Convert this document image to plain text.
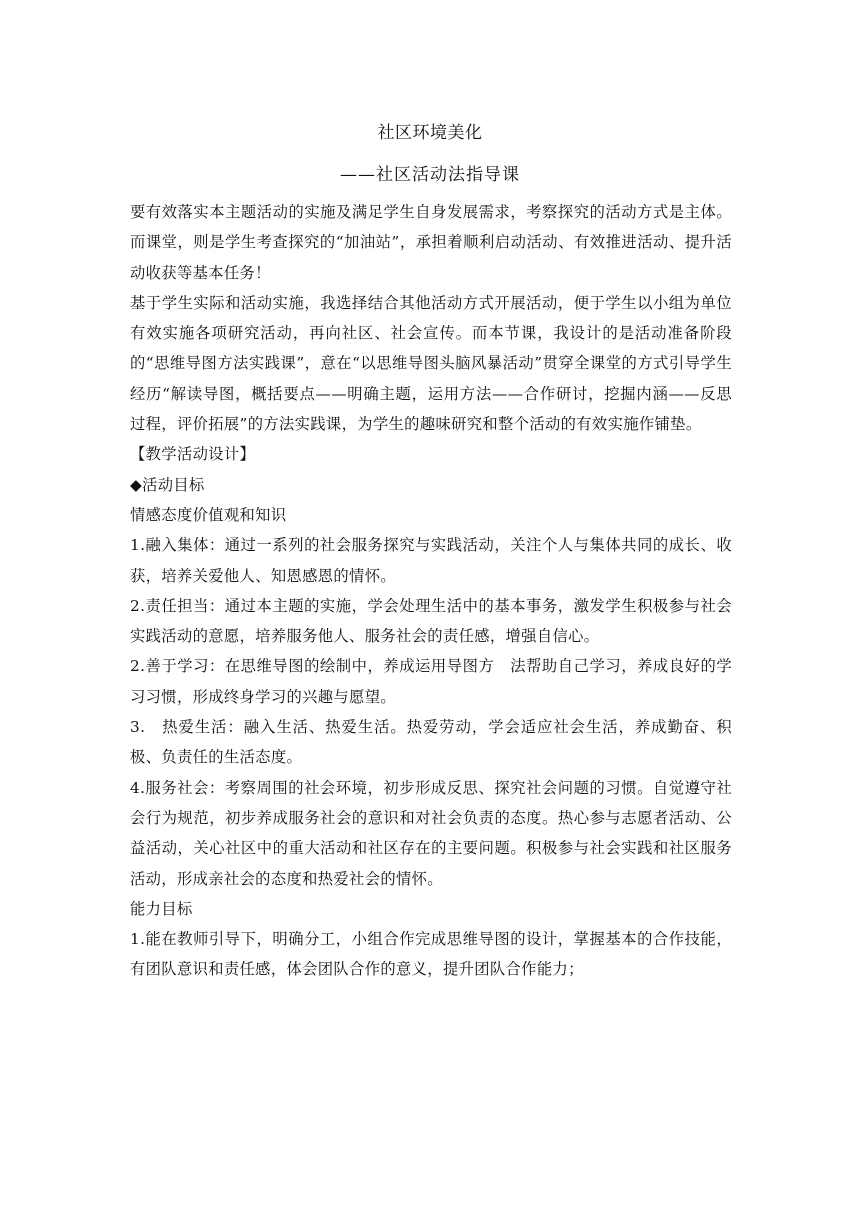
社区环境美化
——社区活动法指导课

要有效落实本主题活动的实施及满足学生自身发展需求，考察探究的活动方式是主体。而课堂，则是学生考查探究的“加油站”，承担着顺利启动活动、有效推进活动、提升活动收获等基本任务！

基于学生实际和活动实施，我选择结合其他活动方式开展活动，便于学生以小组为单位有效实施各项研究活动，再向社区、社会宣传。而本节课，我设计的是活动准备阶段的“思维导图方法实践课”，意在“以思维导图头脑风暴活动”贯穿全课堂的方式引导学生经历“解读导图，概括要点——明确主题，运用方法——合作研讨，挖掘内涵——反思过程，评价拓展”的方法实践课，为学生的趣味研究和整个活动的有效实施作铺垫。

【教学活动设计】

◆活动目标

情感态度价值观和知识

1.融入集体：通过一系列的社会服务探究与实践活动，关注个人与集体共同的成长、收获，培养关爱他人、知恩感恩的情怀。

2.责任担当：通过本主题的实施，学会处理生活中的基本事务，激发学生积极参与社会实践活动的意愿，培养服务他人、服务社会的责任感，增强自信心。

2.善于学习：在思维导图的绘制中，养成运用导图方　法帮助自己学习，养成良好的学习习惯，形成终身学习的兴趣与愿望。

3.　热爱生活：融入生活、热爱生活。热爱劳动，学会适应社会生活，养成勤奋、积极、负责任的生活态度。

4.服务社会：考察周围的社会环境，初步形成反思、探究社会问题的习惯。自觉遵守社会行为规范，初步养成服务社会的意识和对社会负责的态度。热心参与志愿者活动、公益活动，关心社区中的重大活动和社区存在的主要问题。积极参与社会实践和社区服务活动，形成亲社会的态度和热爱社会的情怀。

能力目标

1.能在教师引导下，明确分工，小组合作完成思维导图的设计，掌握基本的合作技能，有团队意识和责任感，体会团队合作的意义，提升团队合作能力；
